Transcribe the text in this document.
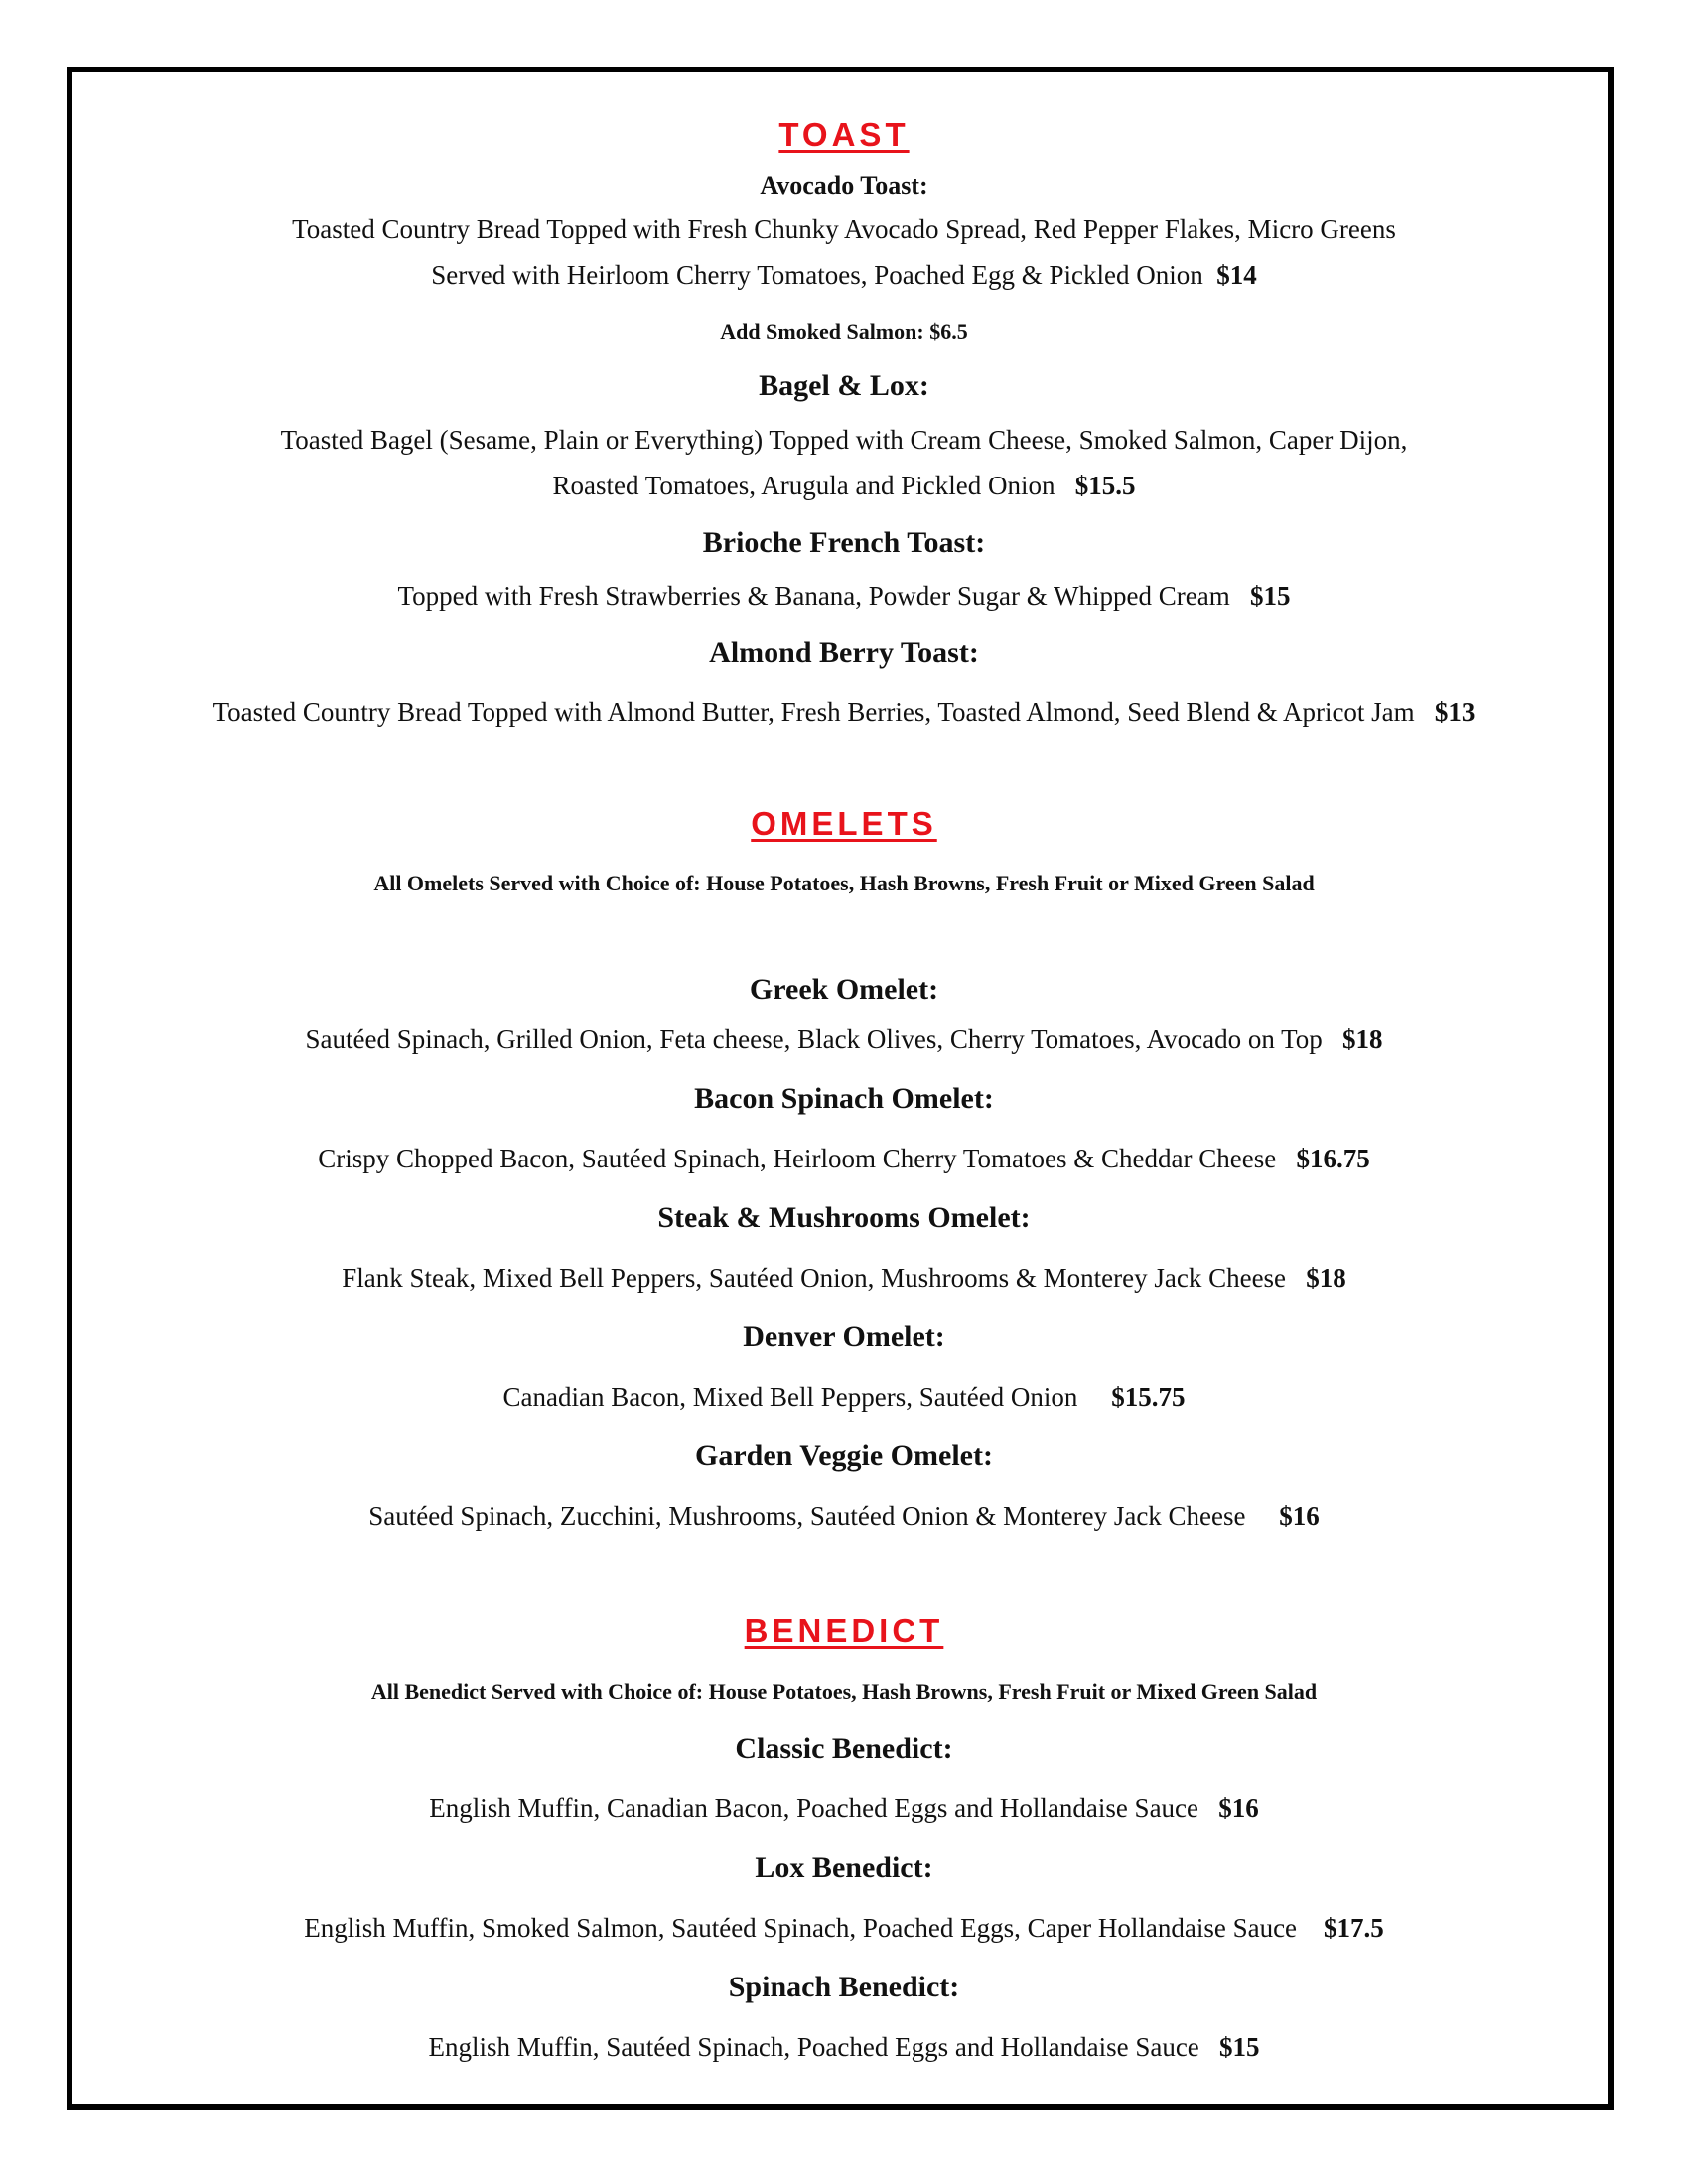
TOAST
Avocado Toast:
Toasted Country Bread Topped with Fresh Chunky Avocado Spread, Red Pepper Flakes, Micro Greens
Served with Heirloom Cherry Tomatoes, Poached Egg & Pickled Onion $14
Add Smoked Salmon: $6.5
Bagel & Lox:
Toasted Bagel (Sesame, Plain or Everything) Topped with Cream Cheese, Smoked Salmon, Caper Dijon,
Roasted Tomatoes, Arugula and Pickled Onion $15.5
Brioche French Toast:
Topped with Fresh Strawberries & Banana, Powder Sugar & Whipped Cream $15
Almond Berry Toast:
Toasted Country Bread Topped with Almond Butter, Fresh Berries, Toasted Almond, Seed Blend & Apricot Jam $13
OMELETS
All Omelets Served with Choice of: House Potatoes, Hash Browns, Fresh Fruit or Mixed Green Salad
Greek Omelet:
Sautéed Spinach, Grilled Onion, Feta cheese, Black Olives, Cherry Tomatoes, Avocado on Top $18
Bacon Spinach Omelet:
Crispy Chopped Bacon, Sautéed Spinach, Heirloom Cherry Tomatoes & Cheddar Cheese $16.75
Steak & Mushrooms Omelet:
Flank Steak, Mixed Bell Peppers, Sautéed Onion, Mushrooms & Monterey Jack Cheese $18
Denver Omelet:
Canadian Bacon, Mixed Bell Peppers, Sautéed Onion $15.75
Garden Veggie Omelet:
Sautéed Spinach, Zucchini, Mushrooms, Sautéed Onion & Monterey Jack Cheese $16
BENEDICT
All Benedict Served with Choice of: House Potatoes, Hash Browns, Fresh Fruit or Mixed Green Salad
Classic Benedict:
English Muffin, Canadian Bacon, Poached Eggs and Hollandaise Sauce $16
Lox Benedict:
English Muffin, Smoked Salmon, Sautéed Spinach, Poached Eggs, Caper Hollandaise Sauce $17.5
Spinach Benedict:
English Muffin, Sautéed Spinach, Poached Eggs and Hollandaise Sauce $15
